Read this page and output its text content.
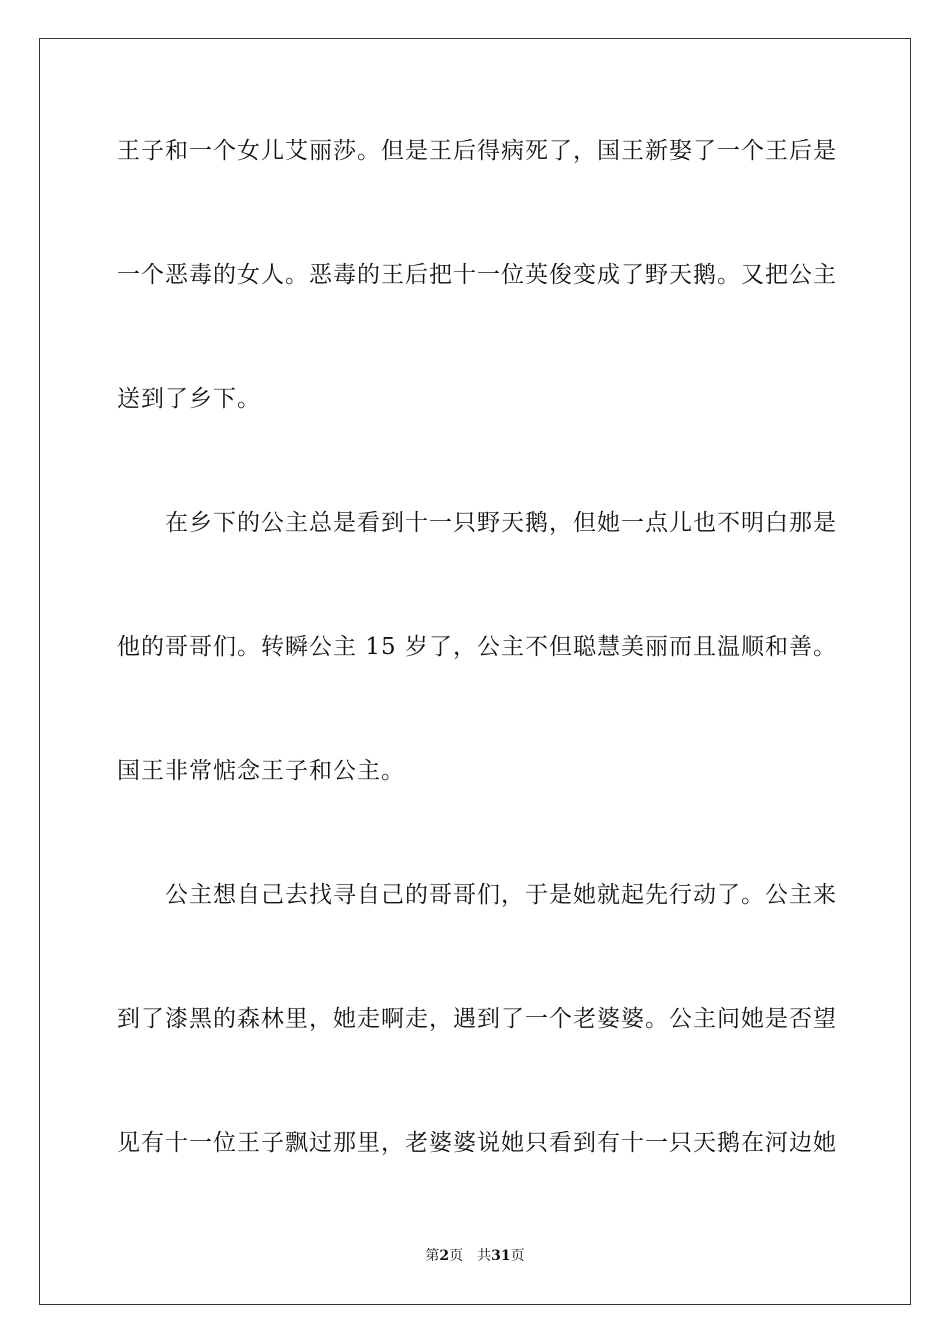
王子和一个女儿艾丽莎。但是王后得病死了，国王新娶了一个王后是
一个恶毒的女人。恶毒的王后把十一位英俊变成了野天鹅。又把公主
送到了乡下。
在乡下的公主总是看到十一只野天鹅，但她一点儿也不明白那是
他的哥哥们。转瞬公主 15 岁了，公主不但聪慧美丽而且温顺和善。
国王非常惦念王子和公主。
公主想自己去找寻自己的哥哥们，于是她就起先行动了。公主来
到了漆黑的森林里，她走啊走，遇到了一个老婆婆。公主问她是否望
见有十一位王子飘过那里，老婆婆说她只看到有十一只天鹅在河边她
第2页 共31页
